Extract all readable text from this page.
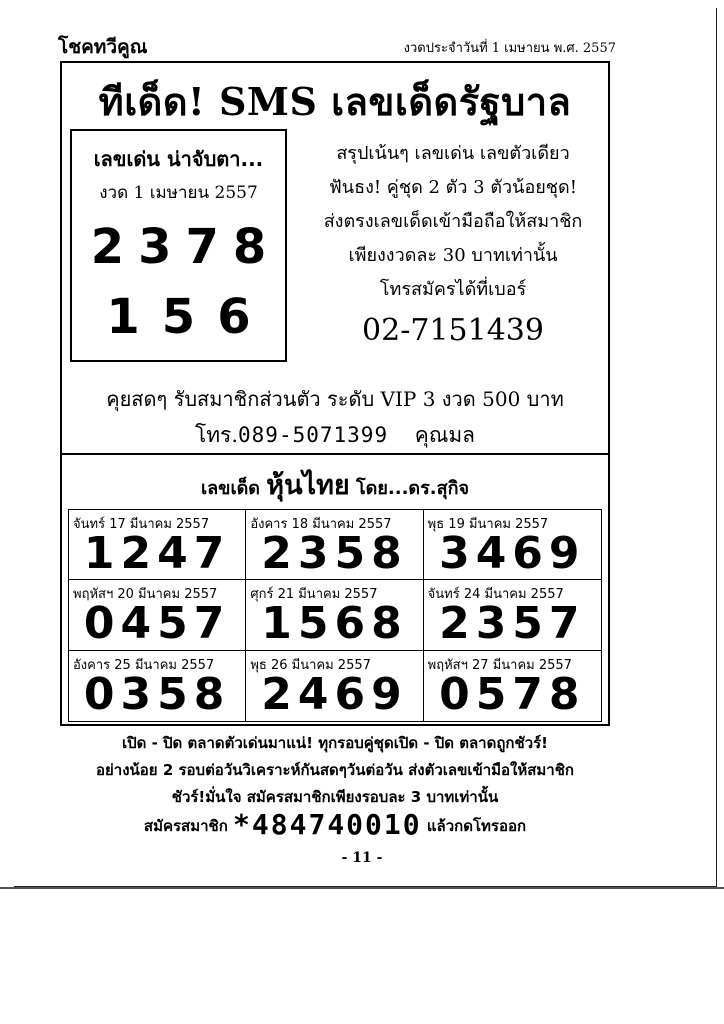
โชคทวีคูณ	งวดประจำวันที่ 1 เมษายน พ.ศ. 2557
ทีเด็ด! SMS เลขเด็ดรัฐบาล
เลขเด่น น่าจับตา...
งวด 1 เมษายน 2557
2378
156
สรุปเน้นๆ เลขเด่น เลขตัวเดียว
ฟันธง! คู่ชุด 2 ตัว 3 ตัวน้อยชุด!
ส่งตรงเลขเด็ดเข้ามือถือให้สมาชิก
เพียงงวดละ 30 บาทเท่านั้น
โทรสมัครได้ที่เบอร์
02-7151439
คุยสดๆ รับสมาชิกส่วนตัว ระดับ VIP 3 งวด 500 บาท
โทร.089-5071399 คุณมล
เลขเด็ด หุ้นไทย โดย...ดร.สุกิจ
จันทร์ 17 มีนาคม 2557
1247
อังคาร 18 มีนาคม 2557
2358
พุธ 19 มีนาคม 2557
3469
พฤหัสฯ 20 มีนาคม 2557
0457
ศุกร์ 21 มีนาคม 2557
1568
จันทร์ 24 มีนาคม 2557
2357
อังคาร 25 มีนาคม 2557
0358
พุธ 26 มีนาคม 2557
2469
พฤหัสฯ 27 มีนาคม 2557
0578
เปิด - ปิด ตลาดตัวเด่นมาแน่! ทุกรอบคู่ชุดเปิด - ปิด ตลาดถูกชัวร์!
อย่างน้อย 2 รอบต่อวันวิเคราะห์กันสดๆวันต่อวัน ส่งตัวเลขเข้ามือให้สมาชิก
ชัวร์!มั่นใจ สมัครสมาชิกเพียงรอบละ 3 บาทเท่านั้น
สมัครสมาชิก *484740010 แล้วกดโทรออก
- 11 -
